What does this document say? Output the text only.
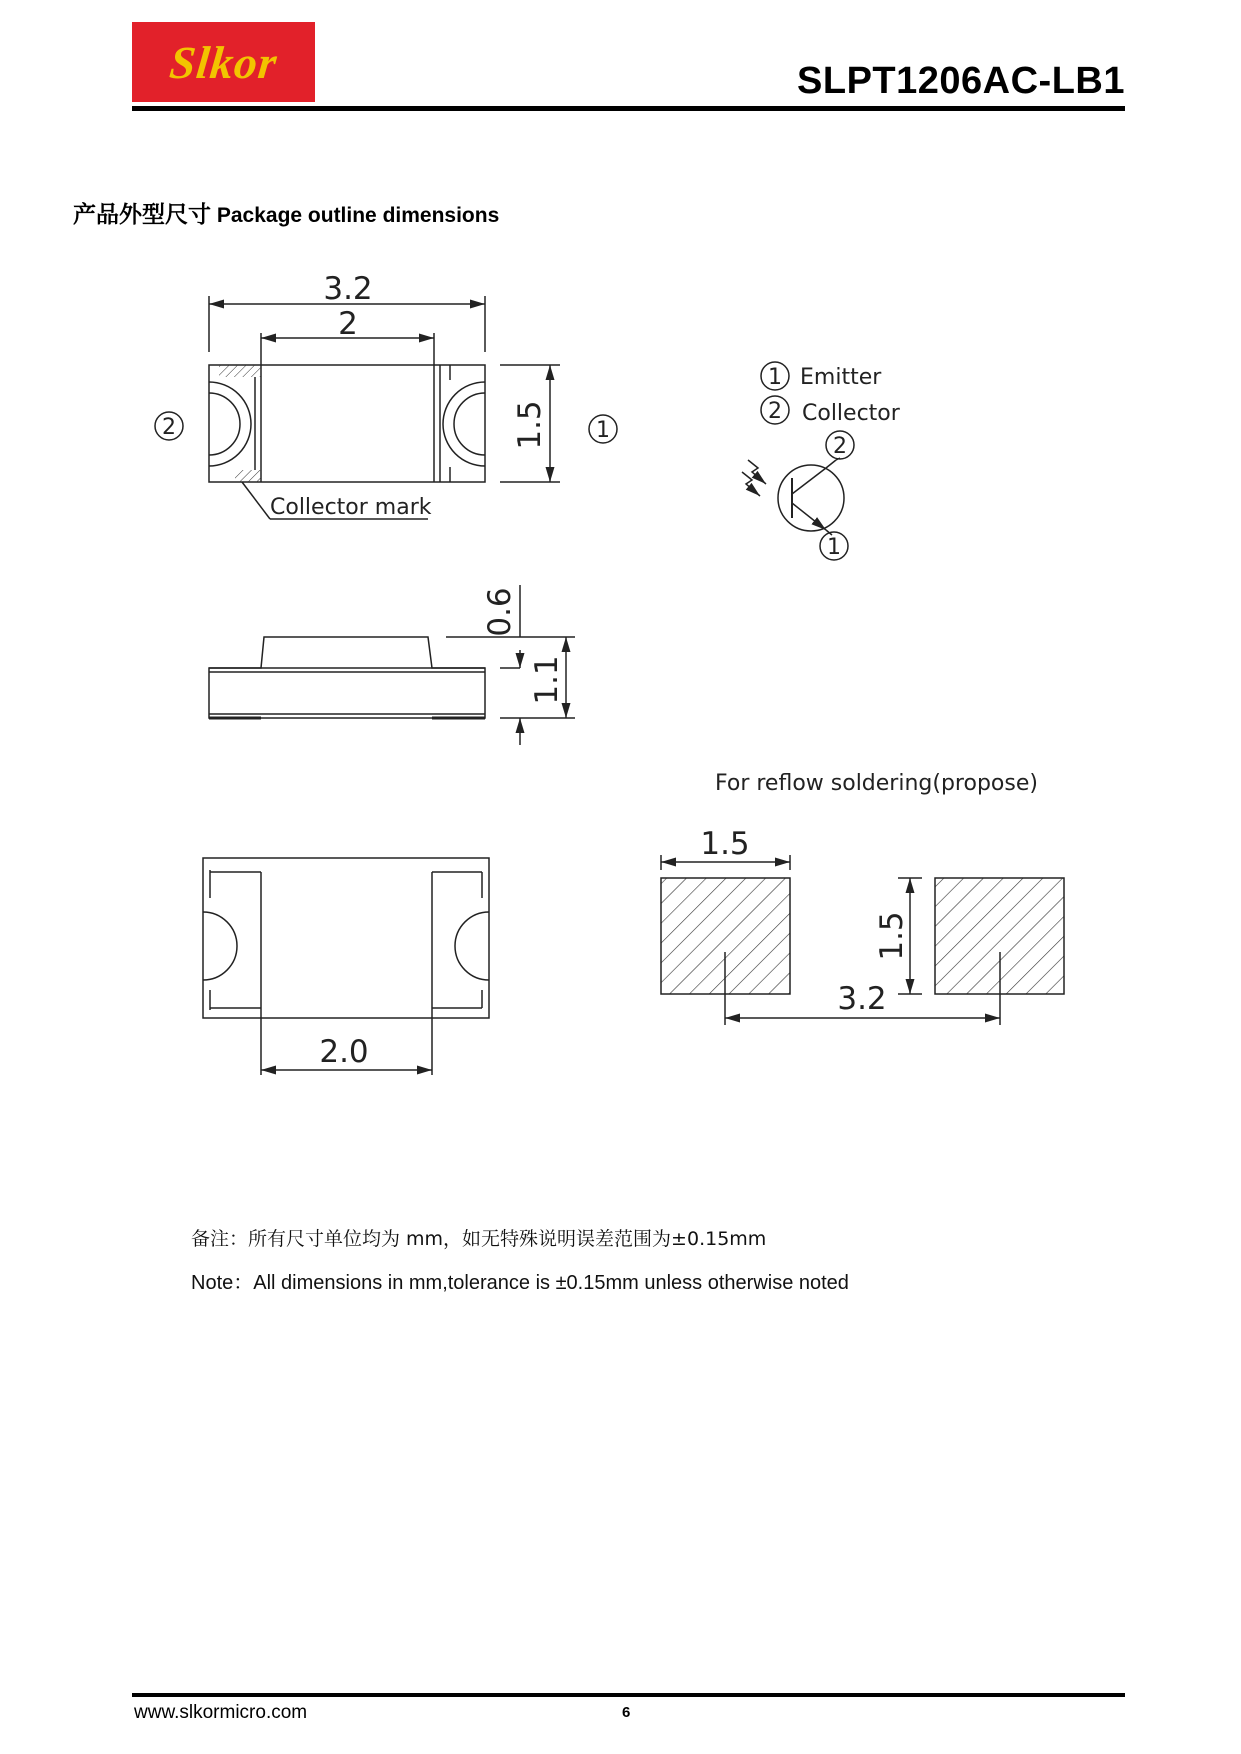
Slkor	SLPT1206AC-LB1
产品外型尺寸 Package outline dimensions
3.2
2
1.5
2	1
Collector mark
1 Emitter
2 Collector
2
1
0.6
1.1
2.0
For reflow soldering(propose)
1.5
3.2
1.5
备注：所有尺寸单位均为 mm，如无特殊说明误差范围为±0.15mm
Note：All dimensions in mm,tolerance is ±0.15mm unless otherwise noted
www.slkormicro.com	6
